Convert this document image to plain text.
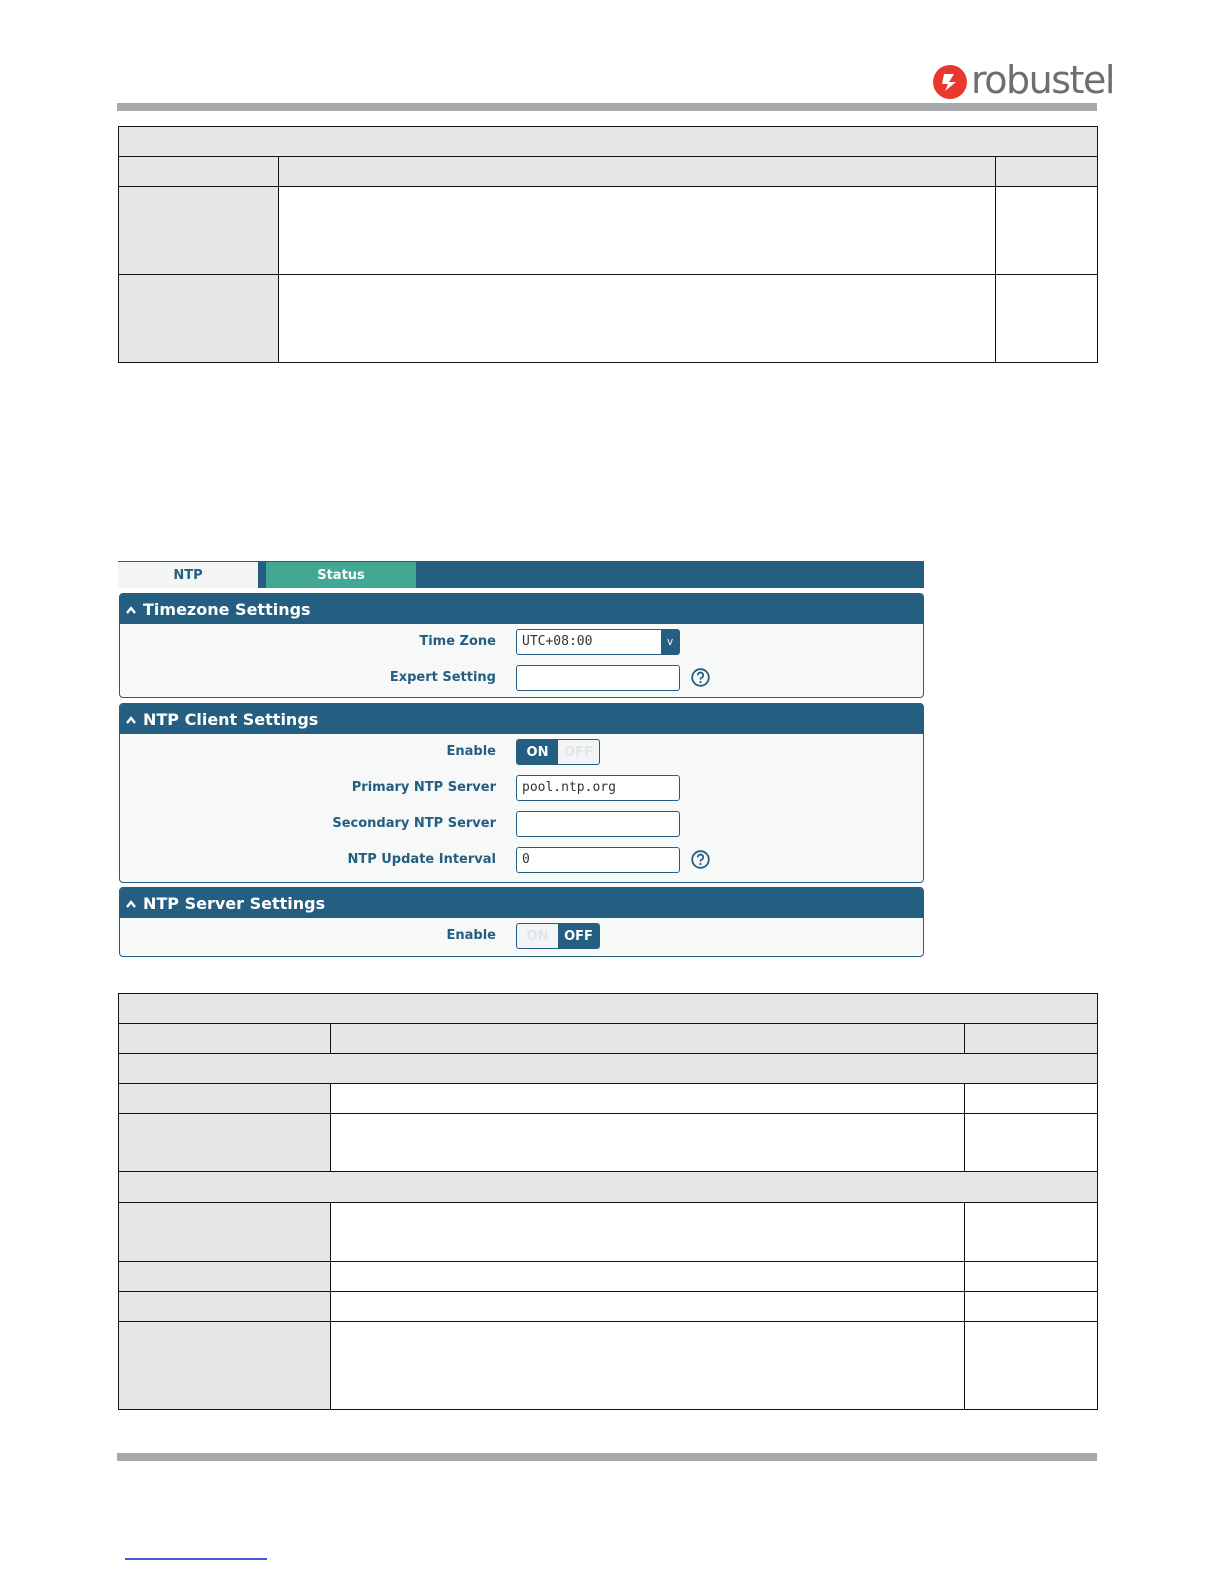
robustel

NTP	Status
Timezone Settings
Time Zone	UTC+08:00	v
Expert Setting
NTP Client Settings
Enable	ON	OFF
Primary NTP Server	pool.ntp.org
Secondary NTP Server
NTP Update Interval	0
NTP Server Settings
Enable	ON	OFF
